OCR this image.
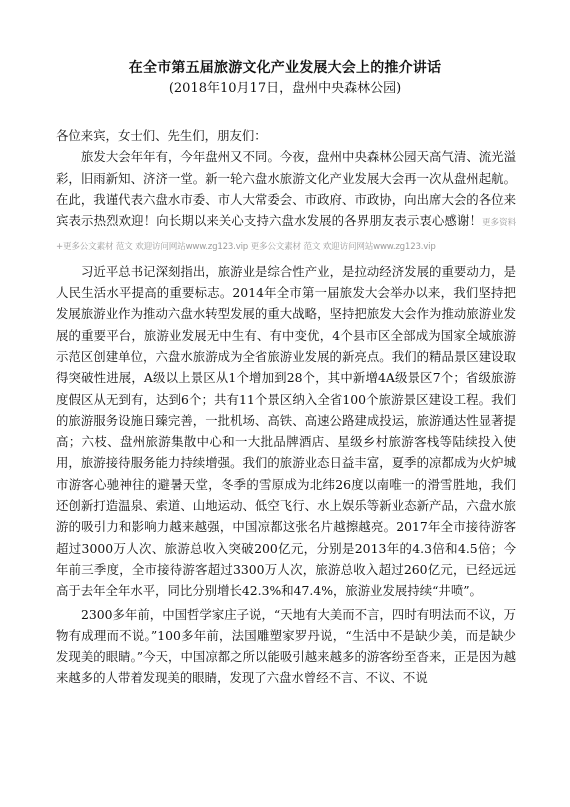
在全市第五届旅游文化产业发展大会上的推介讲话
(2018年10月17日，盘州中央森林公园)

各位来宾，女士们、先生们，朋友们：

旅发大会年年有，今年盘州又不同。今夜，盘州中央森林公园天高气清、流光溢彩，旧雨新知、济济一堂。新一轮六盘水旅游文化产业发展大会再一次从盘州起航。在此，我谨代表六盘水市委、市人大常委会、市政府、市政协，向出席大会的各位来宾表示热烈欢迎！向长期以来关心支持六盘水发展的各界朋友表示衷心感谢！更多资料 +更多公文素材 范文 欢迎访问网站www.zg123.vip 更多公文素材 范文 欢迎访问网站www.zg123.vip

习近平总书记深刻指出，旅游业是综合性产业，是拉动经济发展的重要动力，是人民生活水平提高的重要标志。2014年全市第一届旅发大会举办以来，我们坚持把发展旅游业作为推动六盘水转型发展的重大战略，坚持把旅发大会作为推动旅游业发展的重要平台，旅游业发展无中生有、有中变优，4个县市区全部成为国家全域旅游示范区创建单位，六盘水旅游成为全省旅游业发展的新亮点。我们的精品景区建设取得突破性进展，A级以上景区从1个增加到28个，其中新增4A级景区7个；省级旅游度假区从无到有，达到6个；共有11个景区纳入全省100个旅游景区建设工程。我们的旅游服务设施日臻完善，一批机场、高铁、高速公路建成投运，旅游通达性显著提高；六枝、盘州旅游集散中心和一大批品牌酒店、星级乡村旅游客栈等陆续投入使用，旅游接待服务能力持续增强。我们的旅游业态日益丰富，夏季的凉都成为火炉城市游客心驰神往的避暑天堂，冬季的雪原成为北纬26度以南唯一的滑雪胜地，我们还创新打造温泉、索道、山地运动、低空飞行、水上娱乐等新业态新产品，六盘水旅游的吸引力和影响力越来越强，中国凉都这张名片越擦越亮。2017年全市接待游客超过3000万人次、旅游总收入突破200亿元，分别是2013年的4.3倍和4.5倍；今年前三季度，全市接待游客超过3300万人次，旅游总收入超过260亿元，已经远远高于去年全年水平，同比分别增长42.3%和47.4%，旅游业发展持续“井喷”。

2300多年前，中国哲学家庄子说，“天地有大美而不言，四时有明法而不议，万物有成理而不说。”100多年前，法国雕塑家罗丹说，“生活中不是缺少美，而是缺少发现美的眼睛。”今天，中国凉都之所以能吸引越来越多的游客纷至沓来，正是因为越来越多的人带着发现美的眼睛，发现了六盘水曾经不言、不议、不说
